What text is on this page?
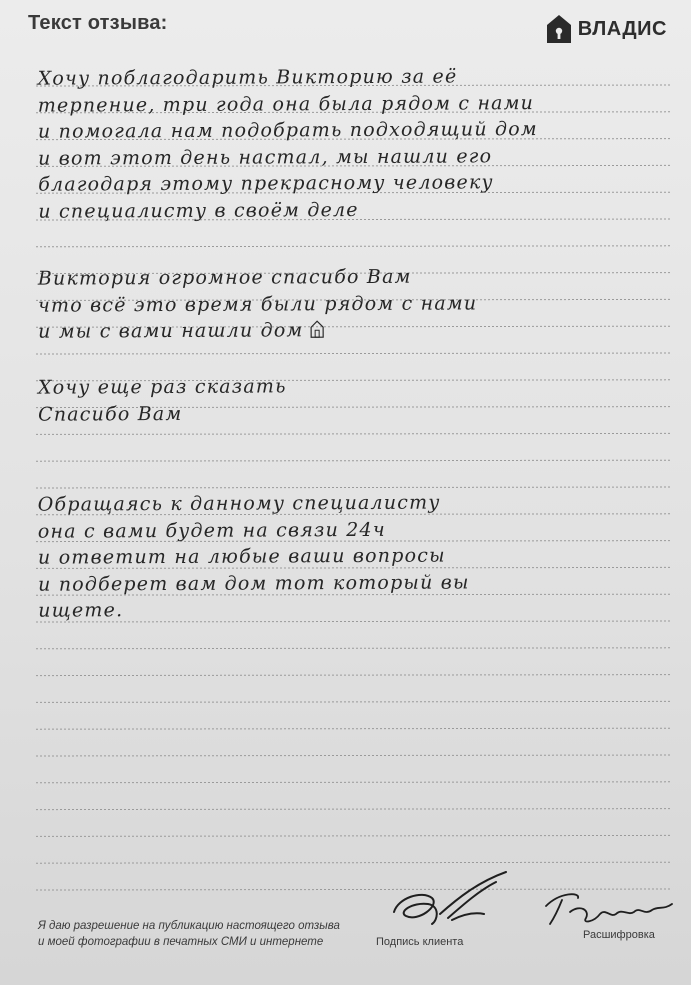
Текст отзыва:	ВЛАДИС
Хочу поблагодарить Викторию за её
терпение, три года она была рядом с нами
и помогала нам подобрать подходящий дом
и вот этот день настал, мы нашли его
благодаря этому прекрасному человеку
и специалисту в своём деле
Виктория огромное спасибо Вам
что всё это время были рядом с нами
и мы с вами нашли дом
Хочу еще раз сказать
Спасибо Вам
Обращаясь к данному специалисту
она с вами будет на связи 24ч
и ответит на любые ваши вопросы
и подберет вам дом тот который вы
ищете.
Я даю разрешение на публикацию настоящего отзыва
и моей фотографии в печатных СМИ и интернете	Подпись клиента
Расшифровка
